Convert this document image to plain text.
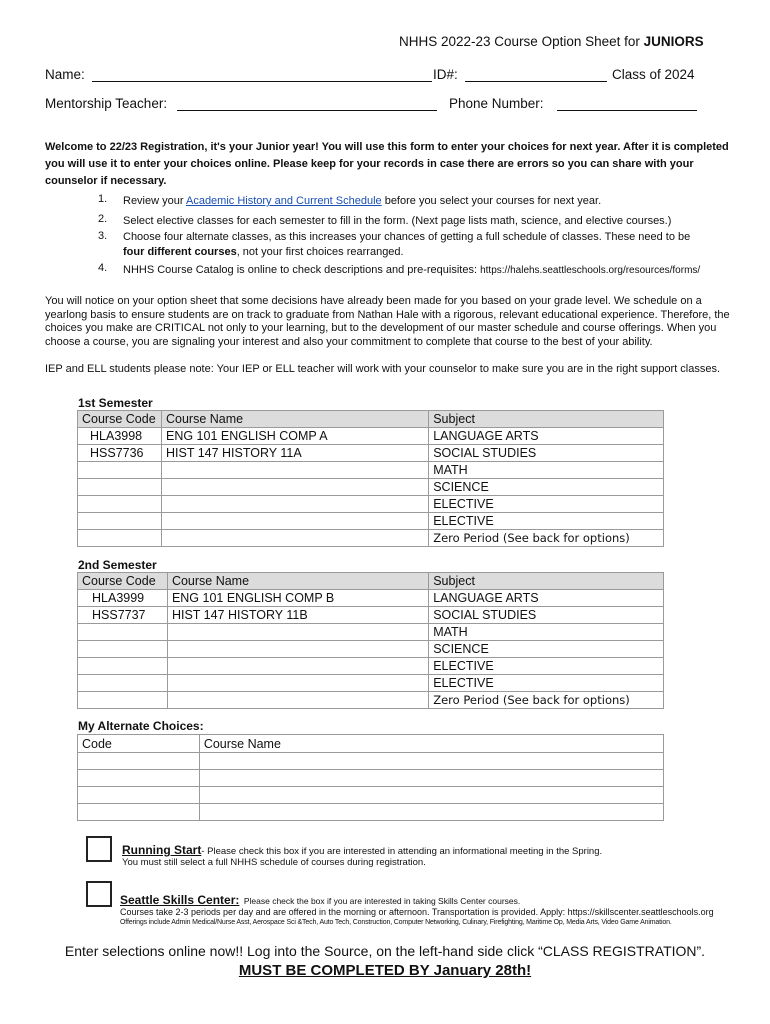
NHHS 2022-23 Course Option Sheet for JUNIORS
Name:	ID#:	Class of 2024
Mentorship Teacher:	Phone Number:
Welcome to 22/23 Registration, it's your Junior year! You will use this form to enter your choices for next year. After it is completed you will use it to enter your choices online. Please keep for your records in case there are errors so you can share with your counselor if necessary.
1. Review your Academic History and Current Schedule before you select your courses for next year.
2. Select elective classes for each semester to fill in the form. (Next page lists math, science, and elective courses.)
3. Choose four alternate classes, as this increases your chances of getting a full schedule of classes. These need to be
four different courses, not your first choices rearranged.
4. NHHS Course Catalog is online to check descriptions and pre-requisites: https://halehs.seattleschools.org/resources/forms/
You will notice on your option sheet that some decisions have already been made for you based on your grade level. We schedule on a yearlong basis to ensure students are on track to graduate from Nathan Hale with a rigorous, relevant educational experience. Therefore, the choices you make are CRITICAL not only to your learning, but to the development of our master schedule and course offerings. When you choose a course, you are signaling your interest and also your commitment to complete that course to the best of your ability.
IEP and ELL students please note: Your IEP or ELL teacher will work with your counselor to make sure you are in the right support classes.
1st Semester
Course Code	Course Name	Subject
HLA3998	ENG 101 ENGLISH COMP A	LANGUAGE ARTS
HSS7736	HIST 147 HISTORY 11A	SOCIAL STUDIES
		MATH
		SCIENCE
		ELECTIVE
		ELECTIVE
		Zero Period (See back for options)
2nd Semester
Course Code	Course Name	Subject
HLA3999	ENG 101 ENGLISH COMP B	LANGUAGE ARTS
HSS7737	HIST 147 HISTORY 11B	SOCIAL STUDIES
		MATH
		SCIENCE
		ELECTIVE
		ELECTIVE
		Zero Period (See back for options)
My Alternate Choices:
Code	Course Name

Running Start- Please check this box if you are interested in attending an informational meeting in the Spring.
You must still select a full NHHS schedule of courses during registration.
Seattle Skills Center: Please check the box if you are interested in taking Skills Center courses.
Courses take 2-3 periods per day and are offered in the morning or afternoon. Transportation is provided. Apply: https://skillscenter.seattleschools.org
Offerings include Admin Medical/Nurse Asst, Aerospace Sci &Tech, Auto Tech, Construction, Computer Networking, Culinary, Firefighting, Maritime Op, Media Arts, Video Game Animation.
Enter selections online now!! Log into the Source, on the left-hand side click “CLASS REGISTRATION”.
MUST BE COMPLETED BY January 28th!
